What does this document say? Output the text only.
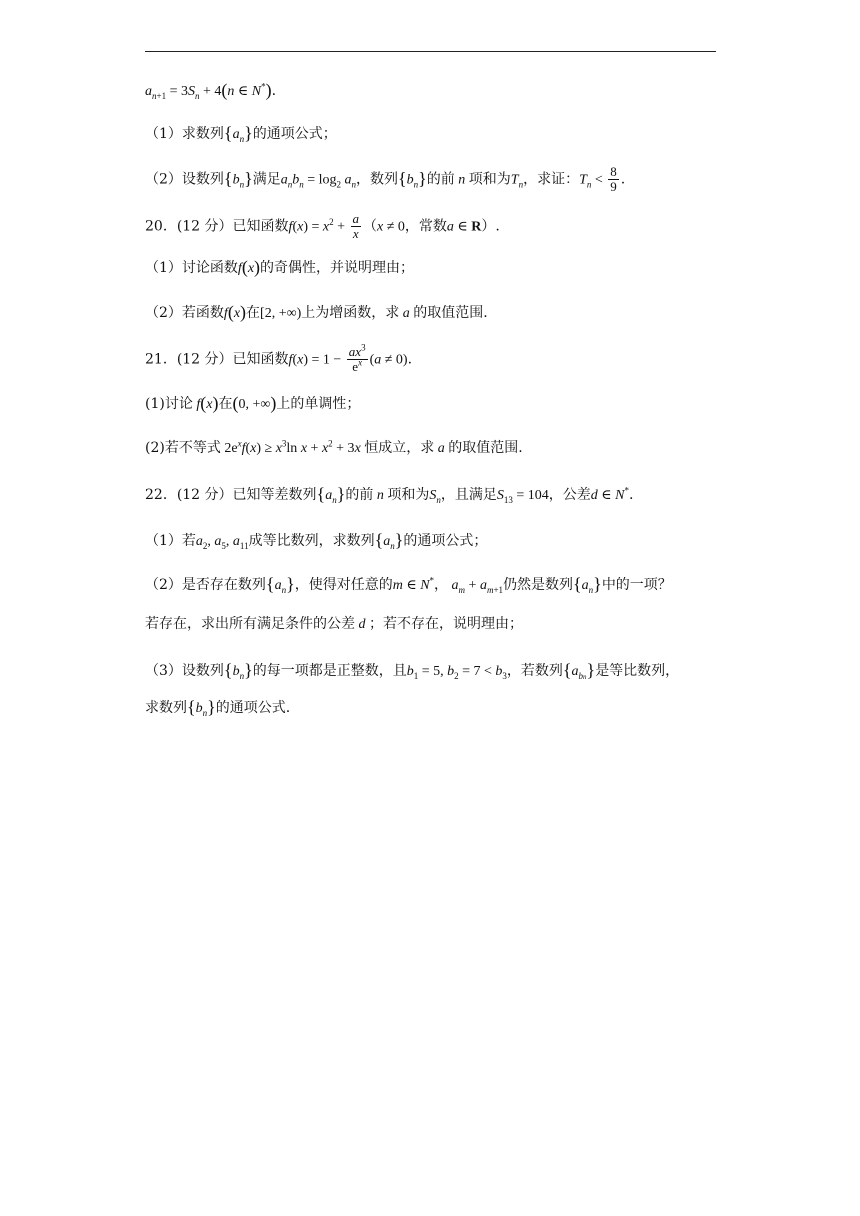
$a_{n+1} = 3S_n + 4(n$ ∈ N*).
（1）求数列$\{a_n\}$的通项公式；
（2）设数列$\{b_n\}$满足$a_nb_n = \log_2 a_n$，数列$\{b_n\}$的前 n 项和为$T_n$，求证：$T_n < \frac{8}{9}$ .
20．(12 分）已知函数$f(x) = x^2 + \frac{a}{x} (x \ne 0$，常数a ∈ R）.
（1）讨论函数f(x)的奇偶性，并说明理由；
（2）若函数f(x)在[2, +∞)上为增函数，求 a 的取值范围.
21．(12 分）已知函数$f(x) = 1 - \frac{ax^3}{e^x} (a \ne 0)$.
(1)讨论 f(x)在(0, +∞)上的单调性；
(2)若不等式 $2e^xf(x) \ge x^3\ln$ $x + x^2 + 3x$ 恒成立，求 a 的取值范围.
22．(12 分）已知等差数列$\{a_n\}$的前 n 项和为$S_n$，且满足$S_{13} = 104$，公差d ∈ N*.
（1）若$a_2$, $a_5$, $a_{11}$成等比数列，求数列$\{a_n\}$的通项公式；
（2）是否存在数列$\{a_n\}$，使得对任意的m ∈ N*， $a_m + a_{m+1}$仍然是数列$\{a_n\}$中的一项？
若存在，求出所有满足条件的公差 d ；若不存在，说明理由；
（3）设数列$\{b_n\}$的每一项都是正整数，且$b_1 = 5$, $b_2 = 7 < b_3$，若数列$\{a_{bn}\}$是等比数列，
求数列$\{b_n\}$的通项公式.
